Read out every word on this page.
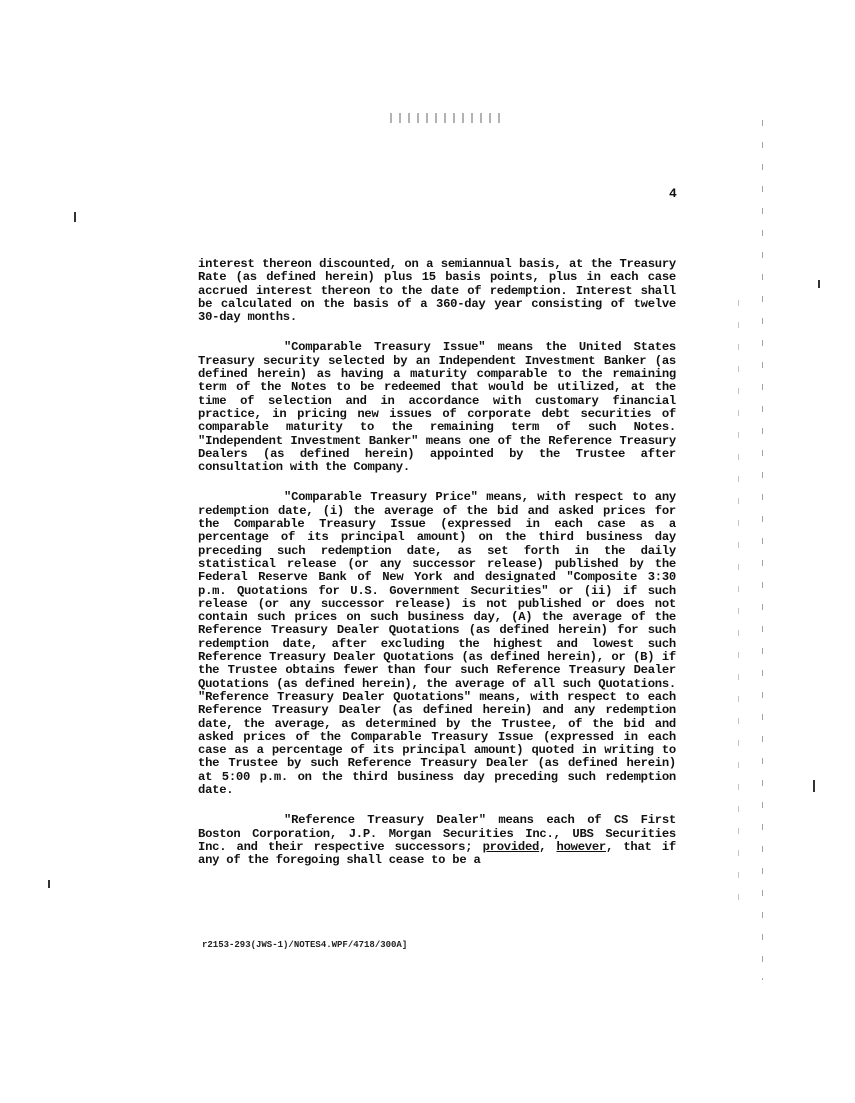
4

interest thereon discounted, on a semiannual basis, at the Treasury Rate (as defined herein) plus 15 basis points, plus in each case accrued interest thereon to the date of redemption. Interest shall be calculated on the basis of a 360-day year consisting of twelve 30-day months.

"Comparable Treasury Issue" means the United States Treasury security selected by an Independent Investment Banker (as defined herein) as having a maturity comparable to the remaining term of the Notes to be redeemed that would be utilized, at the time of selection and in accordance with customary financial practice, in pricing new issues of corporate debt securities of comparable maturity to the remaining term of such Notes. "Independent Investment Banker" means one of the Reference Treasury Dealers (as defined herein) appointed by the Trustee after consultation with the Company.

"Comparable Treasury Price" means, with respect to any redemption date, (i) the average of the bid and asked prices for the Comparable Treasury Issue (expressed in each case as a percentage of its principal amount) on the third business day preceding such redemption date, as set forth in the daily statistical release (or any successor release) published by the Federal Reserve Bank of New York and designated "Composite 3:30 p.m. Quotations for U.S. Government Securities" or (ii) if such release (or any successor release) is not published or does not contain such prices on such business day, (A) the average of the Reference Treasury Dealer Quotations (as defined herein) for such redemption date, after excluding the highest and lowest such Reference Treasury Dealer Quotations (as defined herein), or (B) if the Trustee obtains fewer than four such Reference Treasury Dealer Quotations (as defined herein), the average of all such Quotations. "Reference Treasury Dealer Quotations" means, with respect to each Reference Treasury Dealer (as defined herein) and any redemption date, the average, as determined by the Trustee, of the bid and asked prices of the Comparable Treasury Issue (expressed in each case as a percentage of its principal amount) quoted in writing to the Trustee by such Reference Treasury Dealer (as defined herein) at 5:00 p.m. on the third business day preceding such redemption date.

"Reference Treasury Dealer" means each of CS First Boston Corporation, J.P. Morgan Securities Inc., UBS Securities Inc. and their respective successors; provided, however, that if any of the foregoing shall cease to be a

r2153-293(JWS-1)/NOTES4.WPF/4718/300A]
